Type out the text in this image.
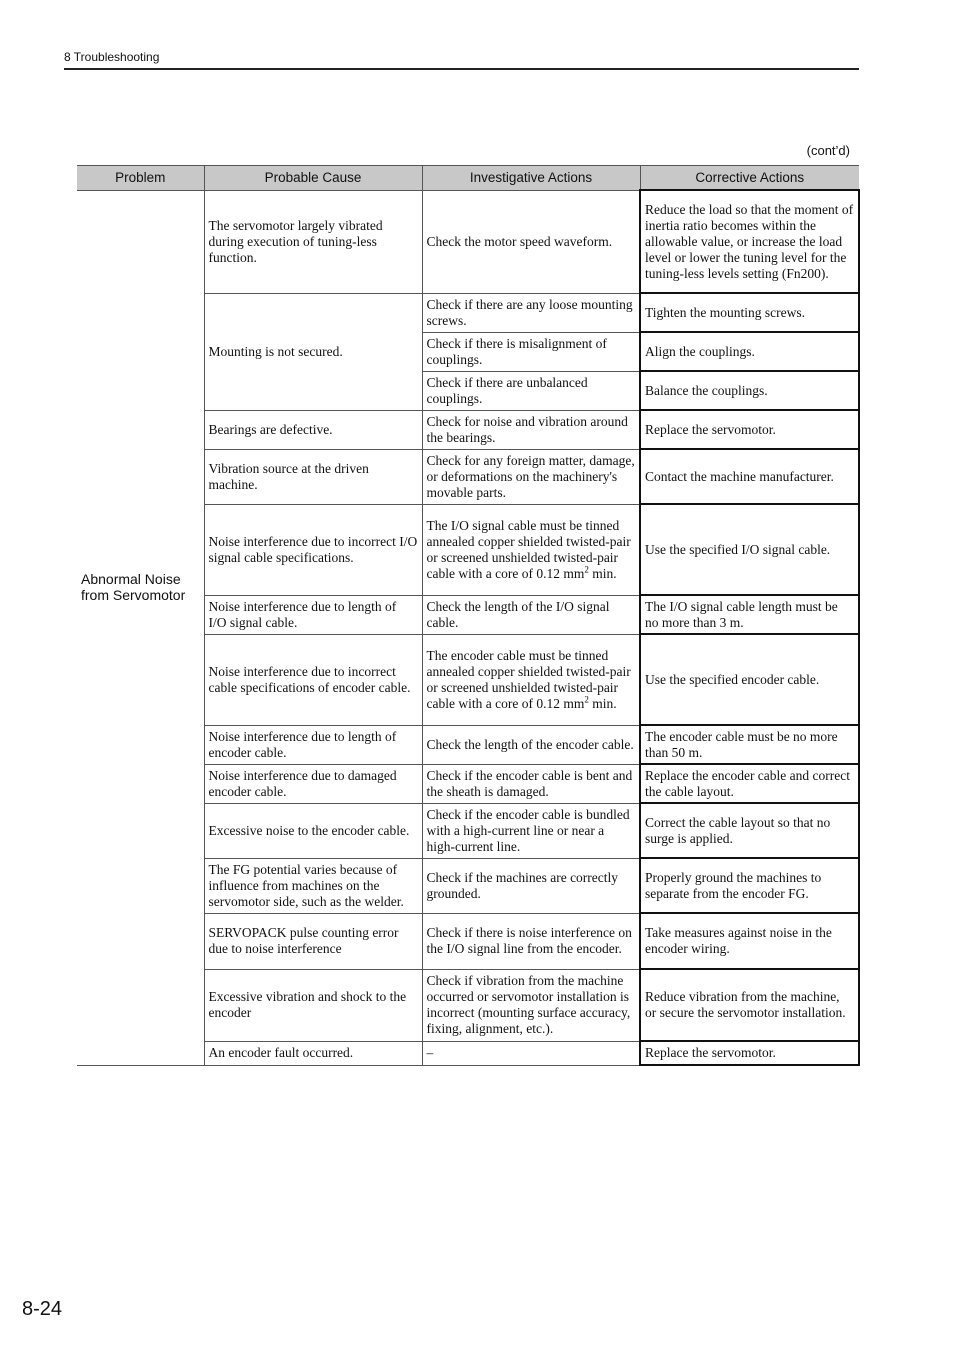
8 Troubleshooting
(cont’d)
Problem	Probable Cause	Investigative Actions	Corrective Actions
Abnormal Noise from Servomotor	The servomotor largely vibrated during execution of tuning-less function.	Check the motor speed waveform.	Reduce the load so that the moment of inertia ratio becomes within the allowable value, or increase the load level or lower the tuning level for the tuning-less levels setting (Fn200).
	Mounting is not secured.	Check if there are any loose mounting screws.	Tighten the mounting screws.
		Check if there is misalignment of couplings.	Align the couplings.
		Check if there are unbalanced couplings.	Balance the couplings.
	Bearings are defective.	Check for noise and vibration around the bearings.	Replace the servomotor.
	Vibration source at the driven machine.	Check for any foreign matter, damage, or deformations on the machinery's movable parts.	Contact the machine manufacturer.
	Noise interference due to incorrect I/O signal cable specifications.	The I/O signal cable must be tinned annealed copper shielded twisted-pair or screened unshielded twisted-pair cable with a core of 0.12 $mm^2$ min.	Use the specified I/O signal cable.
	Noise interference due to length of I/O signal cable.	Check the length of the I/O signal cable.	The I/O signal cable length must be no more than 3 m.
	Noise interference due to incorrect cable specifications of encoder cable.	The encoder cable must be tinned annealed copper shielded twisted-pair or screened unshielded twisted-pair cable with a core of 0.12 $mm^2$ min.	Use the specified encoder cable.
	Noise interference due to length of encoder cable.	Check the length of the encoder cable.	The encoder cable must be no more than 50 m.
	Noise interference due to damaged encoder cable.	Check if the encoder cable is bent and the sheath is damaged.	Replace the encoder cable and correct the cable layout.
	Excessive noise to the encoder cable.	Check if the encoder cable is bundled with a high-current line or near a high-current line.	Correct the cable layout so that no surge is applied.
	The FG potential varies because of influence from machines on the servomotor side, such as the welder.	Check if the machines are correctly grounded.	Properly ground the machines to separate from the encoder FG.
	SERVOPACK pulse counting error due to noise interference	Check if there is noise interference on the I/O signal line from the encoder.	Take measures against noise in the encoder wiring.
	Excessive vibration and shock to the encoder	Check if vibration from the machine occurred or servomotor installation is incorrect (mounting surface accuracy, fixing, alignment, etc.).	Reduce vibration from the machine, or secure the servomotor installation.
	An encoder fault occurred.	–	Replace the servomotor.
8-24
